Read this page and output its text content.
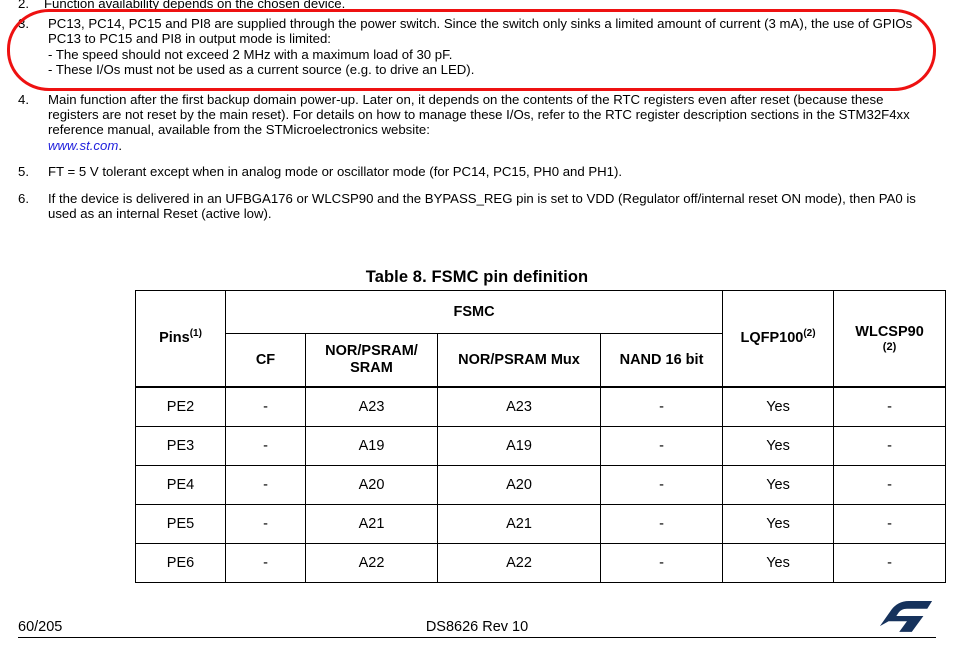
2. Function availability depends on the chosen device.
3.	PC13, PC14, PC15 and PI8 are supplied through the power switch. Since the switch only sinks a limited amount of current (3 mA), the use of GPIOs PC13 to PC15 and PI8 in output mode is limited:
- The speed should not exceed 2 MHz with a maximum load of 30 pF.
- These I/Os must not be used as a current source (e.g. to drive an LED).
4.	Main function after the first backup domain power-up. Later on, it depends on the contents of the RTC registers even after reset (because these registers are not reset by the main reset). For details on how to manage these I/Os, refer to the RTC register description sections in the STM32F4xx reference manual, available from the STMicroelectronics website:
www.st.com.
5.	FT = 5 V tolerant except when in analog mode or oscillator mode (for PC14, PC15, PH0 and PH1).
6.	If the device is delivered in an UFBGA176 or WLCSP90 and the BYPASS_REG pin is set to VDD (Regulator off/internal reset ON mode), then PA0 is used as an internal Reset (active low).
Table 8. FSMC pin definition
Pins$^{(1)}$	FSMC				LQFP100$^{(2)}$	WLCSP90
(2)

	CF	NOR/PSRAM/
SRAM	NOR/PSRAM Mux	NAND 16 bit		
PE2	-	A23	A23	-	Yes	-
PE3	-	A19	A19	-	Yes	-
PE4	-	A20	A20	-	Yes	-
PE5	-	A21	A21	-	Yes	-
PE6	-	A22	A22	-	Yes	-
60/205	DS8626 Rev 10
